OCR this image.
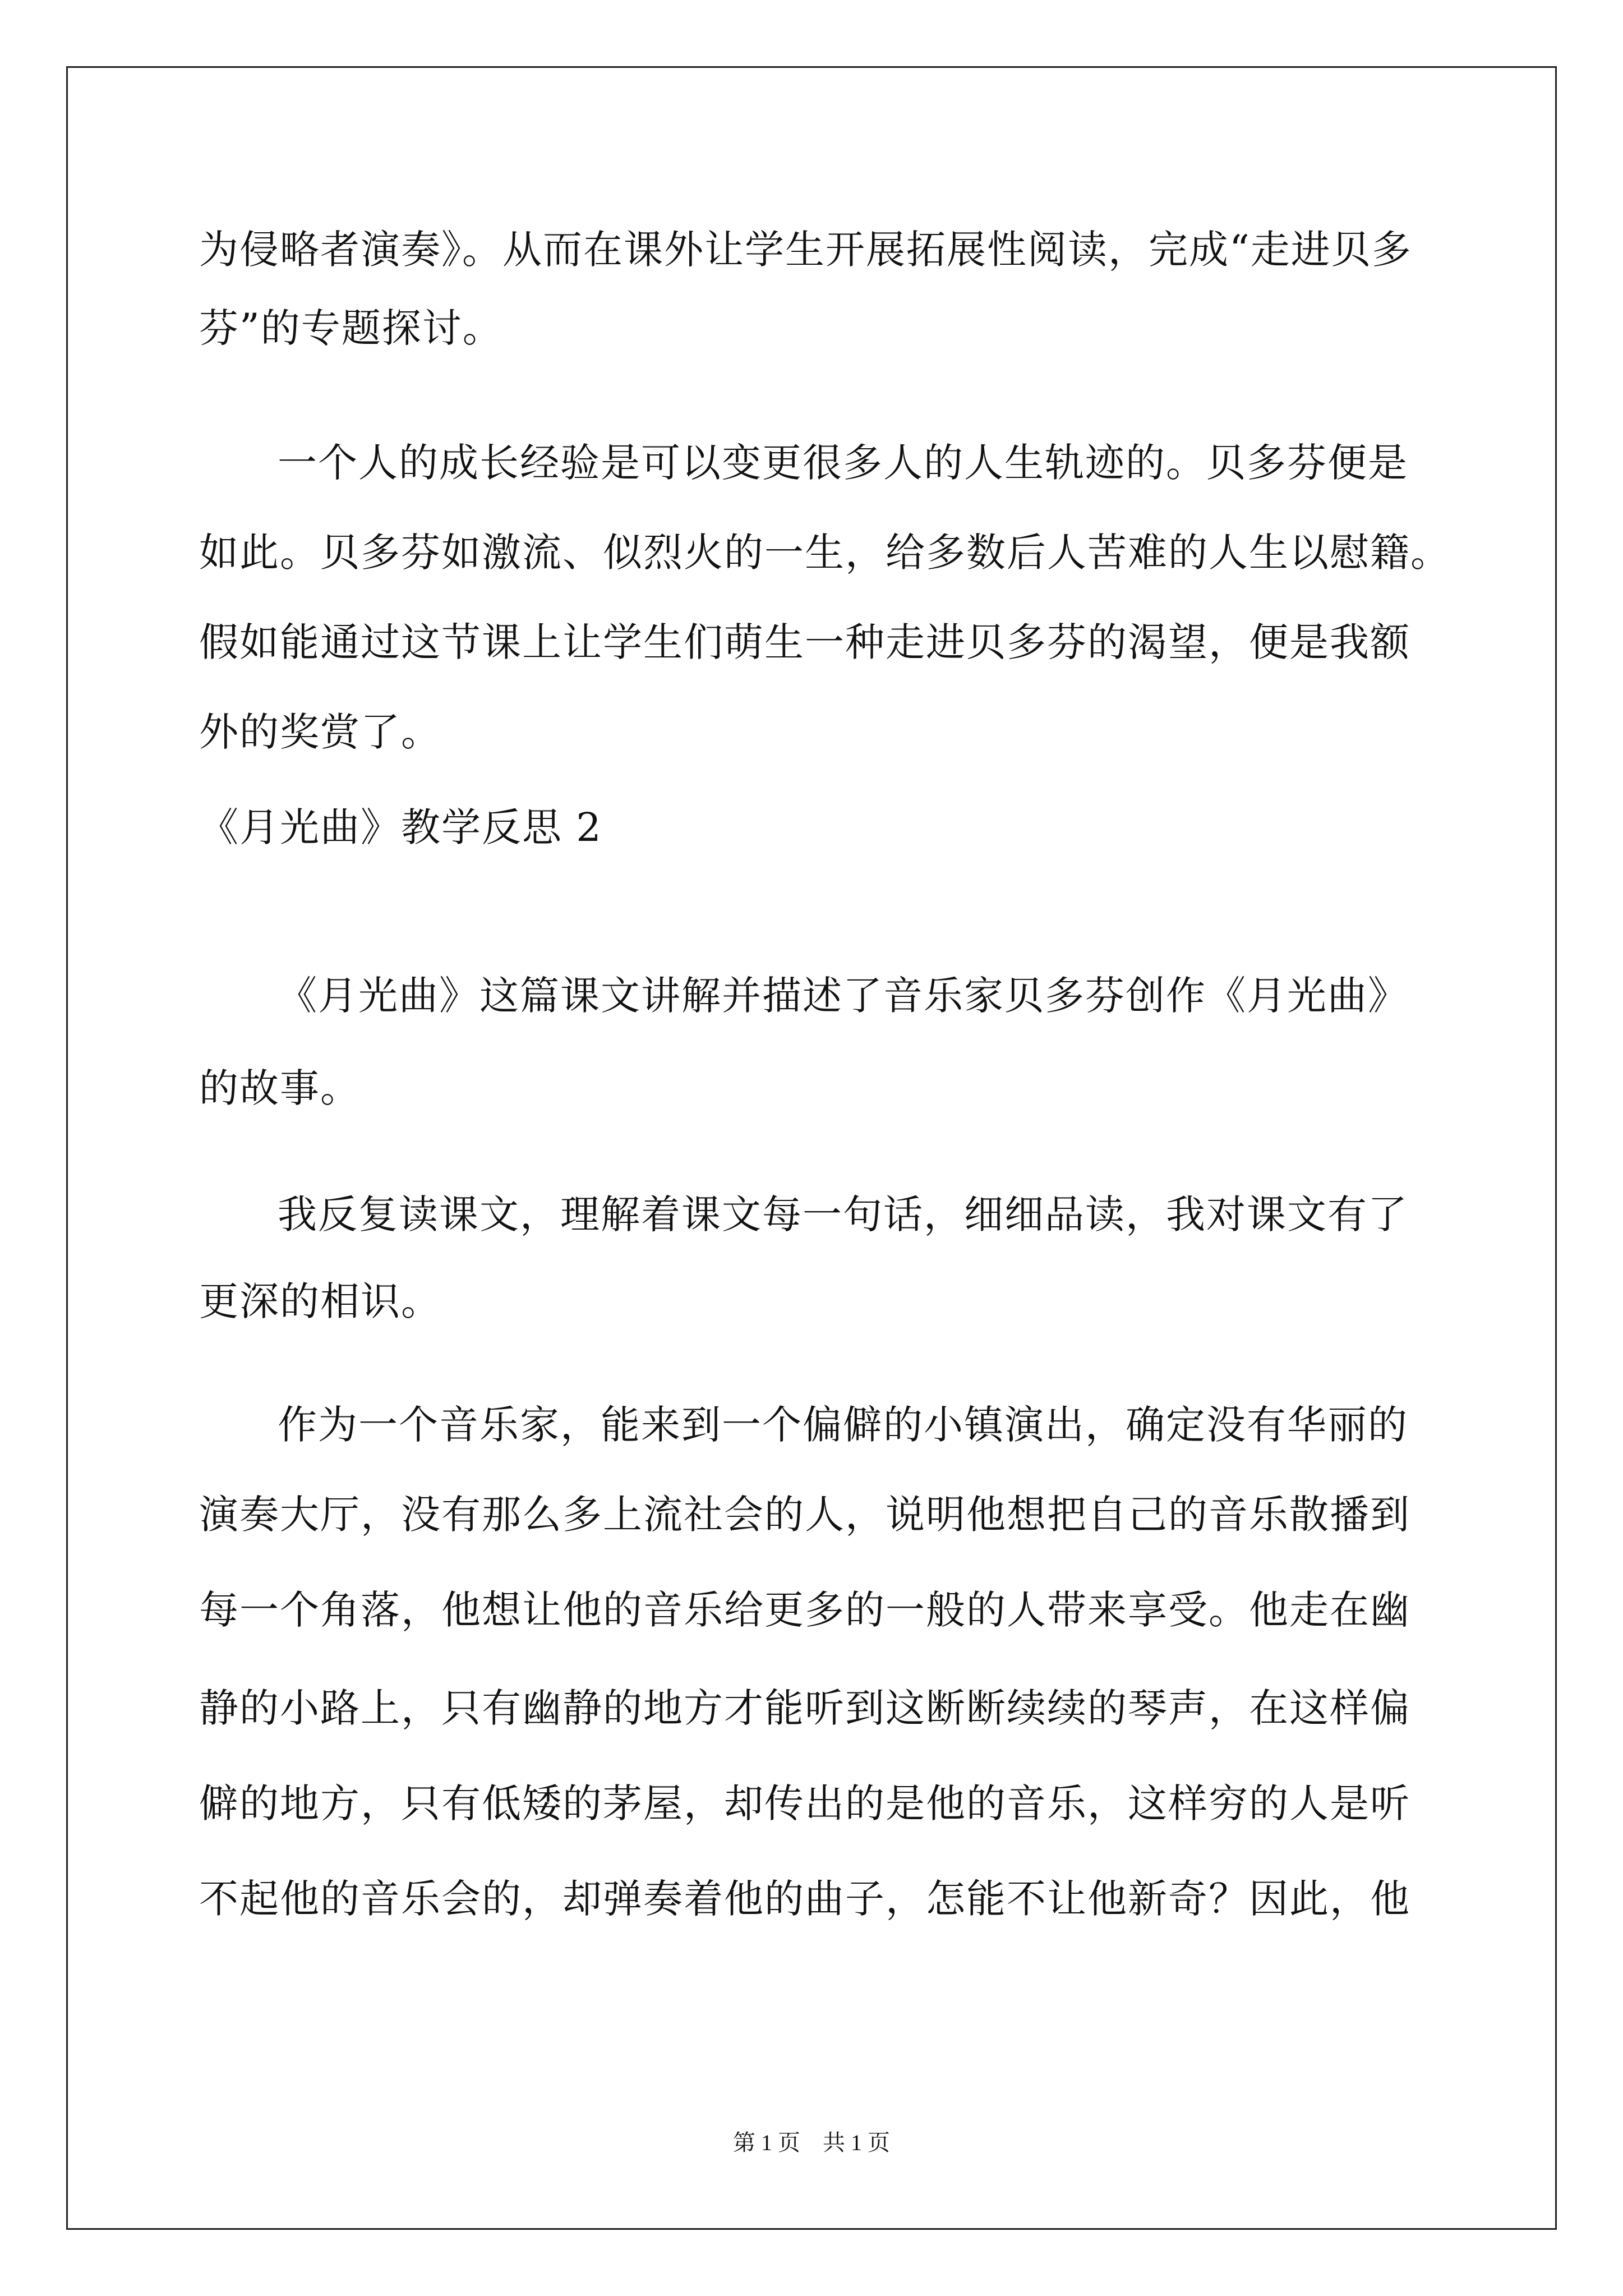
为侵略者演奏》。从而在课外让学生开展拓展性阅读，完成“走进贝多

芬”的专题探讨。

一个人的成长经验是可以变更很多人的人生轨迹的。贝多芬便是

如此。贝多芬如激流、似烈火的一生，给多数后人苦难的人生以慰籍。

假如能通过这节课上让学生们萌生一种走进贝多芬的渴望，便是我额

外的奖赏了。

《月光曲》教学反思 2

《月光曲》这篇课文讲解并描述了音乐家贝多芬创作《月光曲》

的故事。

我反复读课文，理解着课文每一句话，细细品读，我对课文有了

更深的相识。

作为一个音乐家，能来到一个偏僻的小镇演出，确定没有华丽的

演奏大厅，没有那么多上流社会的人，说明他想把自己的音乐散播到

每一个角落，他想让他的音乐给更多的一般的人带来享受。他走在幽

静的小路上，只有幽静的地方才能听到这断断续续的琴声，在这样偏

僻的地方，只有低矮的茅屋，却传出的是他的音乐，这样穷的人是听

不起他的音乐会的，却弹奏着他的曲子，怎能不让他新奇？因此，他

第 1 页　共 1 页
